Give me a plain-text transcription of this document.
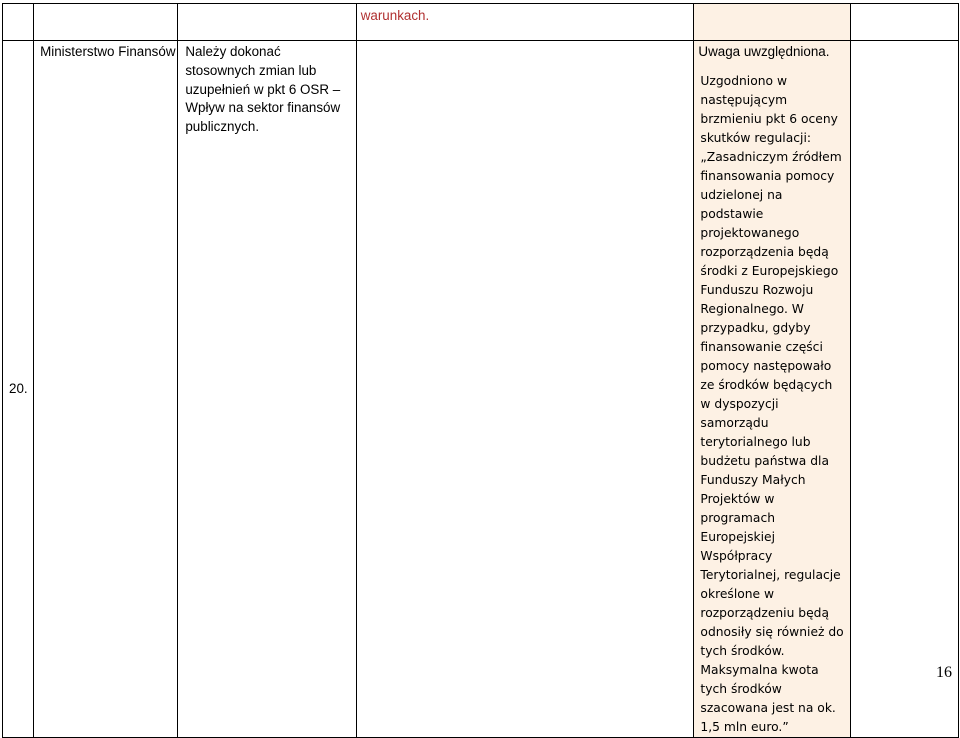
			warunkach.		
20.	Ministerstwo Finansów	Należy dokonać stosownych zmian lub uzupełnień w pkt 6 OSR – Wpływ na sektor finansów publicznych.		Uwaga uwzględniona.
Uzgodniono w następującym brzmieniu pkt 6 oceny skutków regulacji: „Zasadniczym źródłem finansowania pomocy udzielonej na podstawie projektowanego rozporządzenia będą środki z Europejskiego Funduszu Rozwoju Regionalnego. W przypadku, gdyby finansowanie części pomocy następowało ze środków będących w dyspozycji samorządu terytorialnego lub budżetu państwa dla Funduszy Małych Projektów w programach Europejskiej Współpracy Terytorialnej, regulacje określone w rozporządzeniu będą odnosiły się również do tych środków. Maksymalna kwota tych środków szacowana jest na ok. 1,5 mln euro.”	

16
